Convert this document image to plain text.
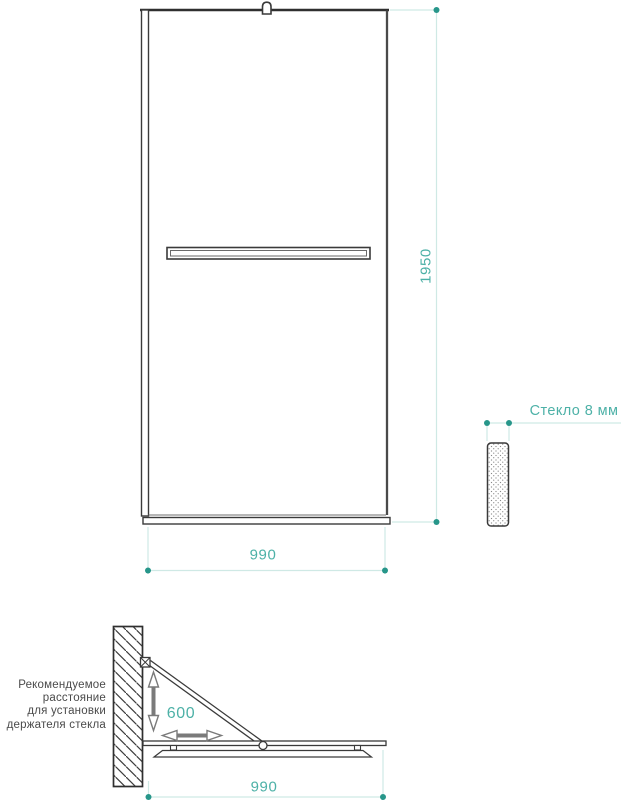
1950
990
Стекло 8 мм
600
990
Рекомендуемое
расстояние
для установки
держателя стекла
